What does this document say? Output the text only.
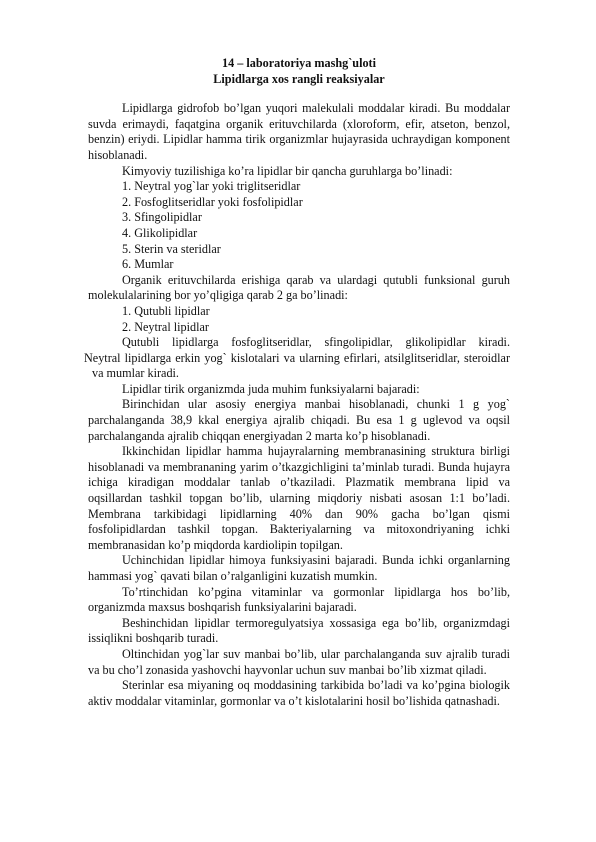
14 – laboratoriya mashg`uloti
Lipidlarga xos rangli reaksiyalar

Lipidlarga gidrofob bo’lgan yuqori malekulali moddalar kiradi. Bu moddalar suvda erimaydi, faqatgina organik erituvchilarda (xloroform, efir, atseton, benzol, benzin) eriydi. Lipidlar hamma tirik organizmlar hujayrasida uchraydigan komponent hisoblanadi.

Kimyoviy tuzilishiga ko’ra lipidlar bir qancha guruhlarga bo’linadi:

1. Neytral yog`lar yoki triglitseridlar
2. Fosfoglitseridlar yoki fosfolipidlar
3. Sfingolipidlar
4. Glikolipidlar
5. Sterin va steridlar
6. Mumlar

Organik erituvchilarda erishiga qarab va ulardagi qutubli funksional guruh molekulalarining bor yo’qligiga qarab 2 ga bo’linadi:

1. Qutubli lipidlar
2. Neytral lipidlar
Qutubli lipidlarga fosfoglitseridlar, sfingolipidlar, glikolipidlar kiradi.
Neytral lipidlarga erkin yog` kislotalari va ularning efirlari, atsilglitseridlar, steroidlar va mumlar kiradi.

Lipidlar tirik organizmda juda muhim funksiyalarni bajaradi:

Birinchidan ular asosiy energiya manbai hisoblanadi, chunki 1 g yog` parchalanganda 38,9 kkal energiya ajralib chiqadi. Bu esa 1 g uglevod va oqsil parchalanganda ajralib chiqqan energiyadan 2 marta ko’p hisoblanadi.

Ikkinchidan lipidlar hamma hujayralarning membranasining struktura birligi hisoblanadi va membrananing yarim o’tkazgichligini ta’minlab turadi. Bunda hujayra ichiga kiradigan moddalar tanlab o’tkaziladi. Plazmatik membrana lipid va oqsillardan tashkil topgan bo’lib, ularning miqdoriy nisbati asosan 1:1 bo’ladi. Membrana tarkibidagi lipidlarning 40% dan 90% gacha bo’lgan qismi fosfolipidlardan tashkil topgan. Bakteriyalarning va mitoxondriyaning ichki membranasidan ko’p miqdorda kardiolipin topilgan.

Uchinchidan lipidlar himoya funksiyasini bajaradi. Bunda ichki organlarning hammasi yog` qavati bilan o’ralganligini kuzatish mumkin.

To’rtinchidan ko’pgina vitaminlar va gormonlar lipidlarga hos bo’lib, organizmda maxsus boshqarish funksiyalarini bajaradi.

Beshinchidan lipidlar termoregulyatsiya xossasiga ega bo’lib, organizmdagi issiqlikni boshqarib turadi.

Oltinchidan yog`lar suv manbai bo’lib, ular parchalanganda suv ajralib turadi va bu cho’l zonasida yashovchi hayvonlar uchun suv manbai bo’lib xizmat qiladi.

Sterinlar esa miyaning oq moddasining tarkibida bo’ladi va ko’pgina biologik aktiv moddalar vitaminlar, gormonlar va o’t kislotalarini hosil bo’lishida qatnashadi.
